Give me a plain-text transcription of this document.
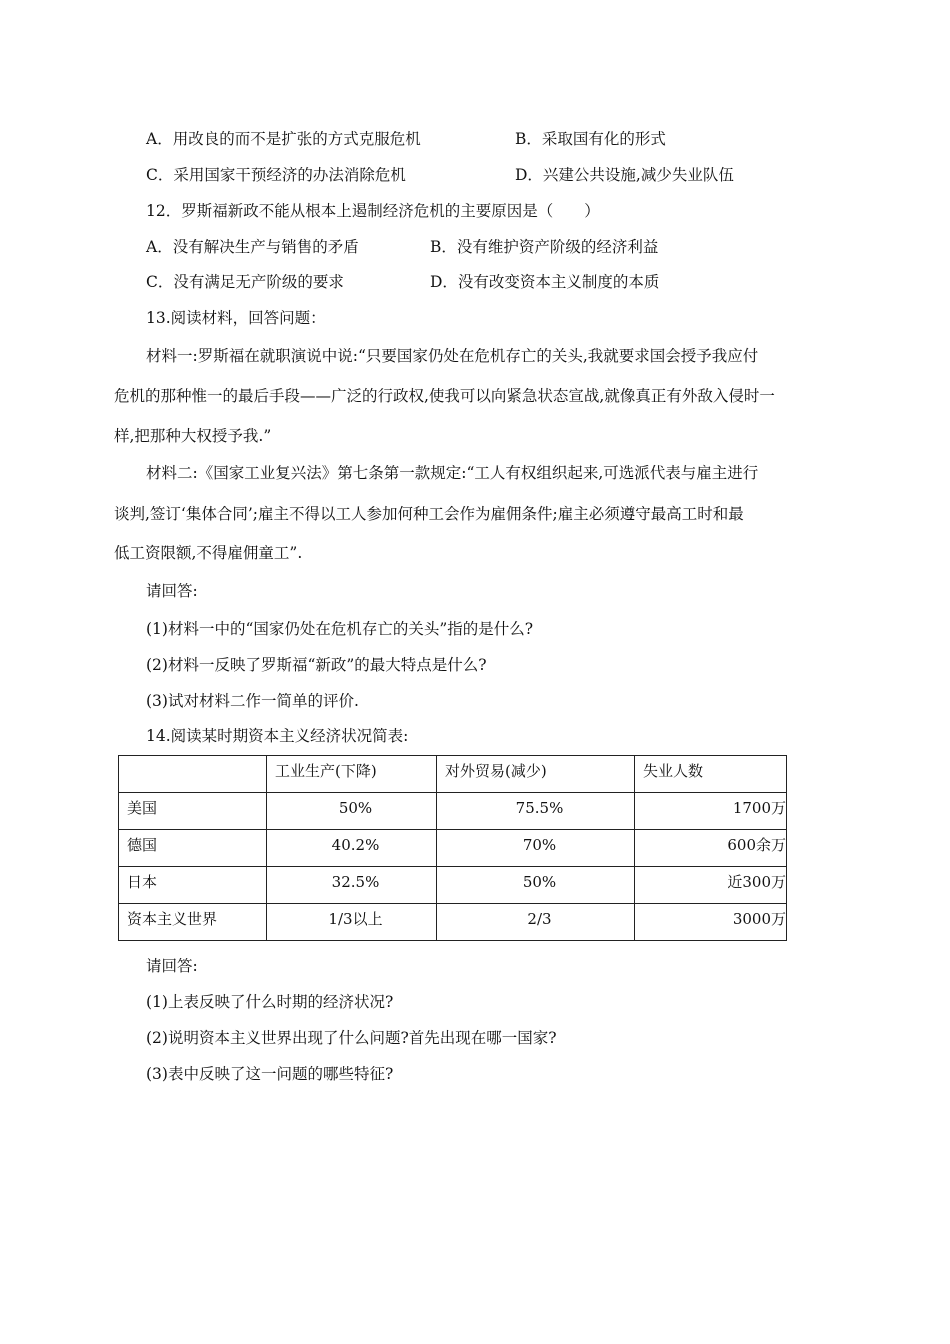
A．用改良的而不是扩张的方式克服危机	B．采取国有化的形式
C．采用国家干预经济的办法消除危机	D．兴建公共设施,减少失业队伍
12．罗斯福新政不能从根本上遏制经济危机的主要原因是（　　）
A．没有解决生产与销售的矛盾	B．没有维护资产阶级的经济利益
C．没有满足无产阶级的要求	D．没有改变资本主义制度的本质
13.阅读材料，回答问题：
材料一:罗斯福在就职演说中说:“只要国家仍处在危机存亡的关头,我就要求国会授予我应付
危机的那种惟一的最后手段——广泛的行政权,使我可以向紧急状态宣战,就像真正有外敌入侵时一
样,把那种大权授予我.”
材料二:《国家工业复兴法》第七条第一款规定:“工人有权组织起来,可选派代表与雇主进行
谈判,签订‘集体合同’;雇主不得以工人参加何种工会作为雇佣条件;雇主必须遵守最高工时和最
低工资限额,不得雇佣童工”.
请回答:
(1)材料一中的“国家仍处在危机存亡的关头”指的是什么?
(2)材料一反映了罗斯福“新政”的最大特点是什么?
(3)试对材料二作一简单的评价.
14.阅读某时期资本主义经济状况简表:
	工业生产(下降)	对外贸易(减少)	失业人数
美国	50%	75.5%	1700万
德国	40.2%	70%	600余万
日本	32.5%	50%	近300万
资本主义世界	1/3以上	2/3	3000万
请回答:
(1)上表反映了什么时期的经济状况?
(2)说明资本主义世界出现了什么问题?首先出现在哪一国家?
(3)表中反映了这一问题的哪些特征?
